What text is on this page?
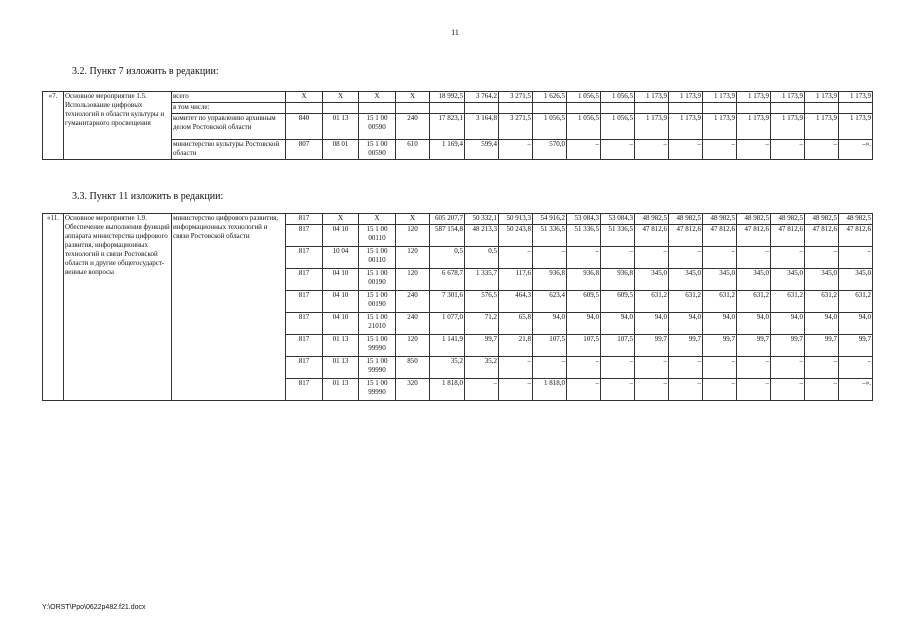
11
3.2. Пункт 7 изложить в редакции:
3.3. Пункт 11 изложить в редакции:
«7.	Основное мероприятие 1.5. Использование цифровых технологий в области культуры и гуманитарного просвещения	всего	X	X	X	X	18 992,5	3 764,2	3 271,5	1 626,5	1 056,5	1 056,5	1 173,9	1 173,9	1 173,9	1 173,9	1 173,9	1 173,9	1 173,9
		в том числе:																	
		комитет по управлению архивным делом Ростовской области	840	01 13	15 1 00 00590	240	17 823,1	3 164,8	3 271,5	1 056,5	1 056,5	1 056,5	1 173,9	1 173,9	1 173,9	1 173,9	1 173,9	1 173,9	1 173,9
		министерство культуры Ростовской области	807	08 01	15 1 00 00590	610	1 169,4	599,4	–	570,0	–	–	–	–	–	–	–	–	–».
«11.	Основное мероприятие 1.9. Обеспечение выполнения функций аппарата министерства цифрового развития, информационных технологий и связи Ростовской области и другие общегосударст-венные вопросы	министерство цифрового развития, информационных технологий и связи Ростовской области	817	X	X	X	605 207,7	50 332,1	50 913,3	54 916,2	53 084,3	53 084,3	48 982,5	48 982,5	48 982,5	48 982,5	48 982,5	48 982,5	48 982,5
			817	04 10	15 1 00 00110	120	587 154,8	48 213,3	50 243,8	51 336,5	51 336,5	51 336,5	47 812,6	47 812,6	47 812,6	47 812,6	47 812,6	47 812,6	47 812,6
			817	10 04	15 1 00 00110	120	0,5	0,5	–	–	–	–	–	–	–	–	–	–	–
			817	04 10	15 1 00 00190	120	6 678,7	1 335,7	117,6	936,8	936,8	936,8	345,0	345,0	345,0	345,0	345,0	345,0	345,0
			817	04 10	15 1 00 00190	240	7 301,6	576,5	464,3	623,4	609,5	609,5	631,2	631,2	631,2	631,2	631,2	631,2	631,2
			817	04 10	15 1 00 21010	240	1 077,0	71,2	65,8	94,0	94,0	94,0	94,0	94,0	94,0	94,0	94,0	94,0	94,0
			817	01 13	15 1 00 99990	120	1 141,9	99,7	21,8	107,5	107,5	107,5	99,7	99,7	99,7	99,7	99,7	99,7	99,7
			817	01 13	15 1 00 99990	850	35,2	35,2	–	–	–	–	–	–	–	–	–	–	–
			817	01 13	15 1 00 99990	320	1 818,0	–	–	1 818,0	–	–	–	–	–	–	–	–	–».
Y:\ORST\Ppo\0622p482.f21.docx
